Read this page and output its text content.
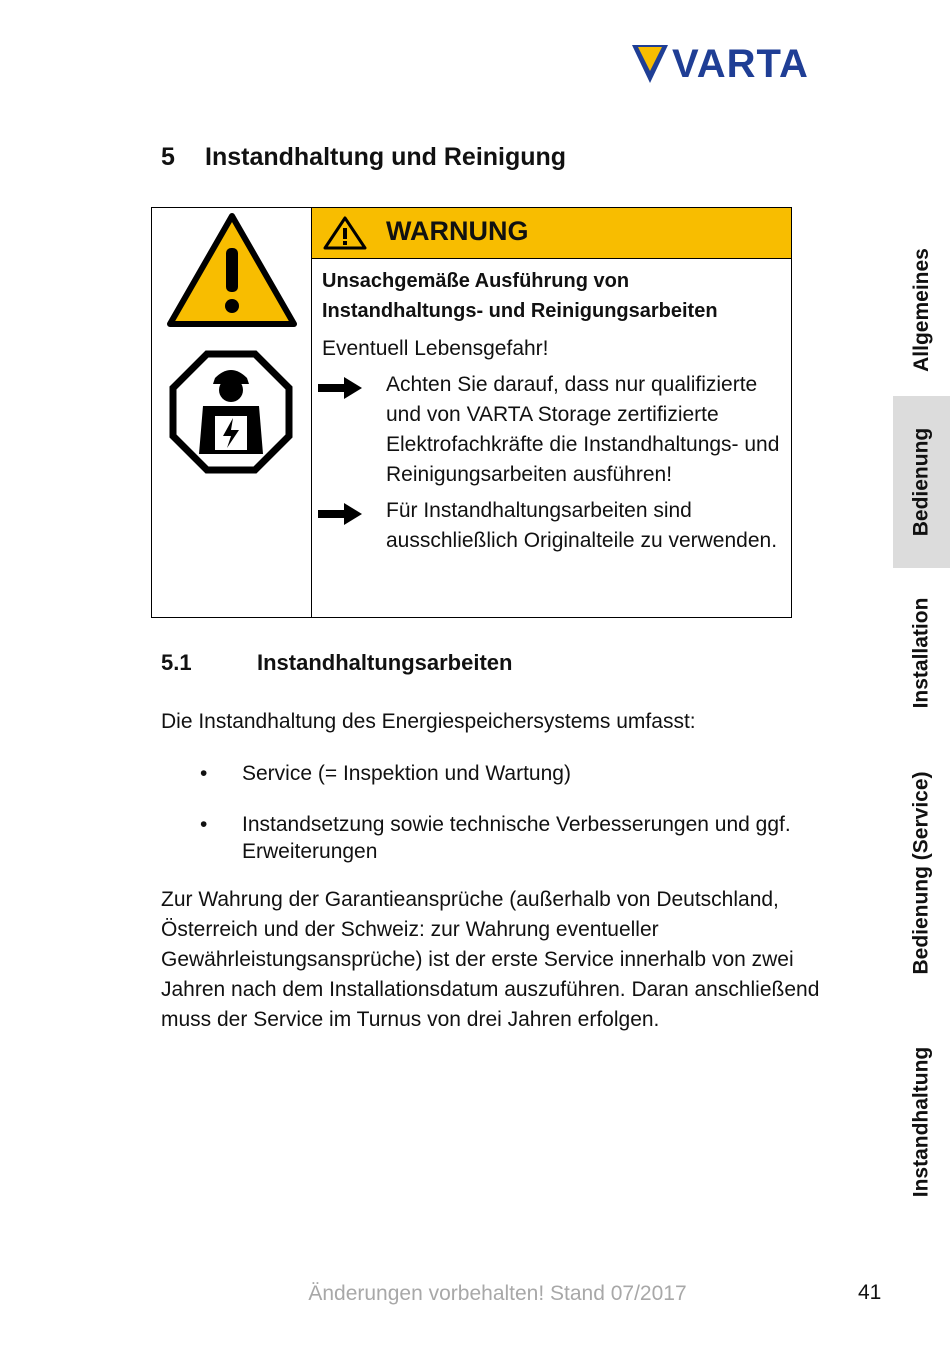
VARTA
5 Instandhaltung und Reinigung
WARNUNG
Unsachgemäße Ausführung von
Instandhaltungs- und Reinigungsarbeiten
Eventuell Lebensgefahr!
Achten Sie darauf, dass nur qualifizierte und von VARTA Storage zertifizierte Elektrofachkräfte die Instandhaltungs- und Reinigungsarbeiten ausführen!
Für Instandhaltungsarbeiten sind ausschließlich Originalteile zu verwenden.
5.1	Instandhaltungsarbeiten
Die Instandhaltung des Energiespeichersystems umfasst:
• Service (= Inspektion und Wartung)
• Instandsetzung sowie technische Verbesserungen und ggf. Erweiterungen
Zur Wahrung der Garantieansprüche (außerhalb von Deutschland, Österreich und der Schweiz: zur Wahrung eventueller Gewährleistungsansprüche) ist der erste Service innerhalb von zwei Jahren nach dem Installationsdatum auszuführen. Daran anschließend muss der Service im Turnus von drei Jahren erfolgen.
Allgemeines
Bedienung
Installation
Bedienung (Service)
Instandhaltung
Änderungen vorbehalten! Stand 07/2017	41
